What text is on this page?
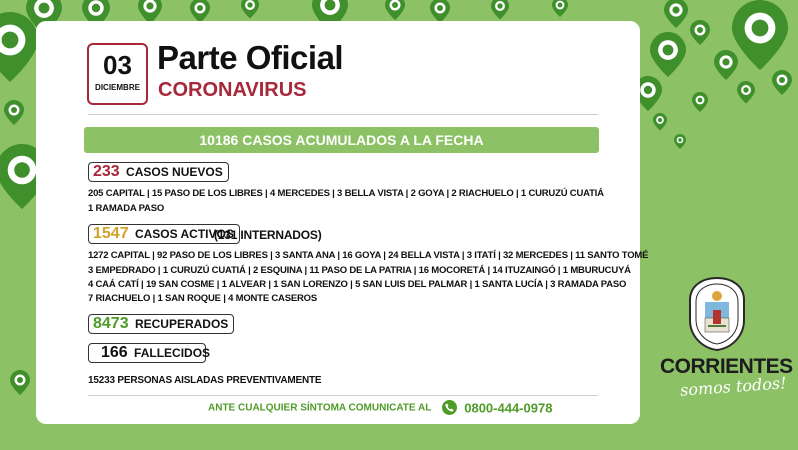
03
DICIEMBRE
Parte Oficial
CORONAVIRUS
10186 CASOS ACUMULADOS A LA FECHA
233 CASOS NUEVOS
205 CAPITAL | 15 PASO DE LOS LIBRES | 4 MERCEDES | 3 BELLA VISTA | 2 GOYA | 2 RIACHUELO | 1 CURUZÚ CUATIÁ
1 RAMADA PASO
1547 CASOS ACTIVOS
(131 INTERNADOS)
1272 CAPITAL | 92 PASO DE LOS LIBRES | 3 SANTA ANA | 16 GOYA | 24 BELLA VISTA | 3 ITATÍ | 32 MERCEDES | 11 SANTO TOMÉ
3 EMPEDRADO | 1 CURUZÚ CUATIÁ | 2 ESQUINA | 11 PASO DE LA PATRIA | 16 MOCORETÁ | 14 ITUZAINGÓ | 1 MBURUCUYÁ
4 CAÁ CATÍ | 19 SAN COSME | 1 ALVEAR | 1 SAN LORENZO | 5 SAN LUIS DEL PALMAR | 1 SANTA LUCÍA | 3 RAMADA PASO
7 RIACHUELO | 1 SAN ROQUE | 4 MONTE CASEROS
8473 RECUPERADOS
166 FALLECIDOS
15233 PERSONAS AISLADAS PREVENTIVAMENTE
ANTE CUALQUIER SÍNTOMA COMUNICATE AL	0800-444-0978
CORRIENTES
somos todos!
